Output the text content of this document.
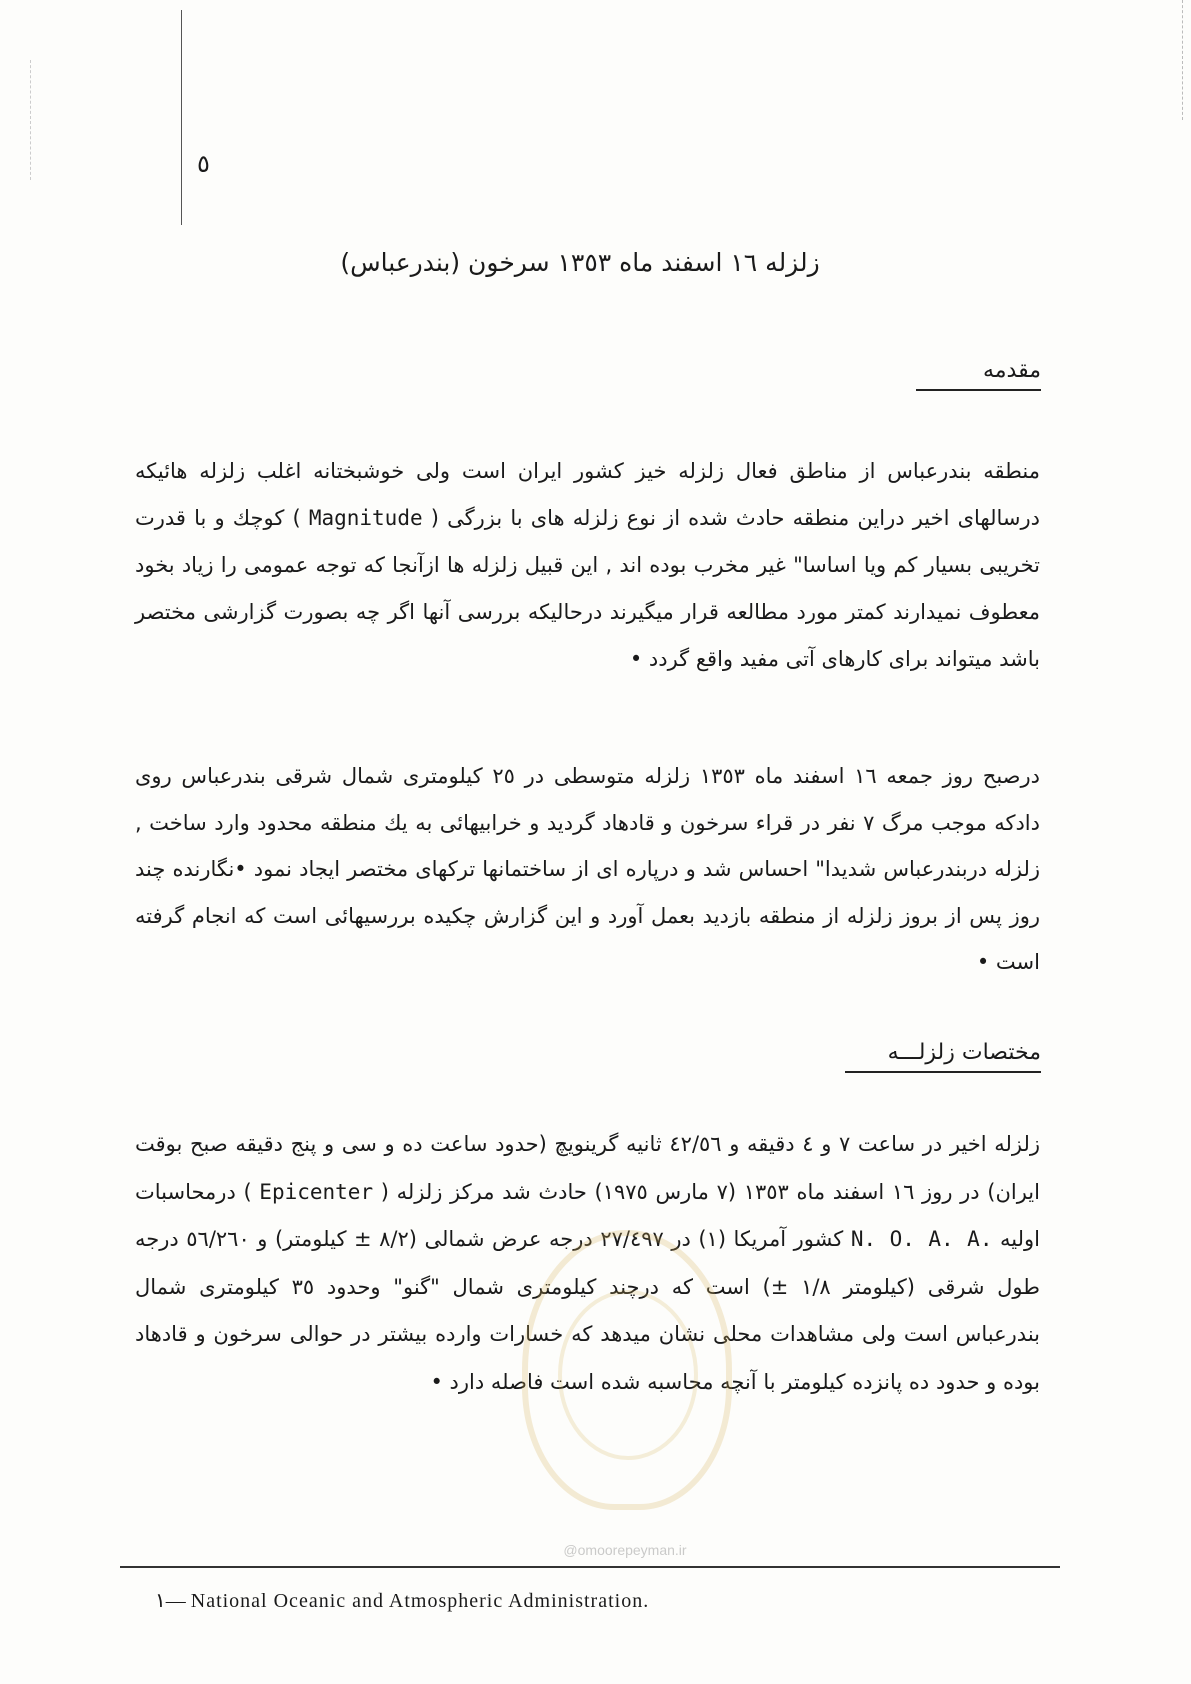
٥
زلزله ١٦ اسفند ماه ١٣٥٣ سرخون (بندرعباس)
مقدمه

منطقه بندرعباس از مناطق فعال زلزله خیز کشور ایران است ولی خوشبختانه اغلب زلزله هائیکه درسالهای اخیر دراین منطقه حادث شده از نوع زلزله های با بزرگی ( Magnitude ) کوچك و با قدرت تخریبی بسیار کم ویا اساسا" غیر مخرب بوده اند , این قبیل زلزله ها ازآنجا که توجه عمومی را زیاد بخود معطوف نمیدارند کمتر مورد مطالعه قرار میگیرند درحالیکه بررسی آنها اگر چه بصورت گزارشی مختصر باشد میتواند برای کارهای آتی مفید واقع گردد •

درصبح روز جمعه ١٦ اسفند ماه ١٣٥٣ زلزله متوسطی در ٢٥ کیلومتری شمال شرقی بندرعباس روی دادکه موجب مرگ ٧ نفر در قراء سرخون و قادهاد گردید و خرابیهائی به یك منطقه محدود وارد ساخت , زلزله دربندرعباس شدیدا" احساس شد و درپاره ای از ساختمانها ترکهای مختصر ایجاد نمود •نگارنده چند روز پس از بروز زلزله از منطقه بازدید بعمل آورد و این گزارش چکیده بررسیهائی است که انجام گرفته است •

مختصات زلزلـــه

زلزله اخیر در ساعت ٧ و ٤ دقیقه و ٤٢/٥٦ ثانیه گرینویچ (حدود ساعت ده و سی و پنج دقیقه صبح بوقت ایران) در روز ١٦ اسفند ماه ١٣٥٣ (٧ مارس ١٩٧٥) حادث شد مرکز زلزله ( Epicenter ) درمحاسبات اولیه N. O. A. A. کشور آمریکا (١) در ٢٧/٤٩٧ درجه عرض شمالی (٨/٢ ± کیلومتر) و ٥٦/٢٦٠ درجه طول شرقی (کیلومتر ١/٨ ±) است که درچند کیلومتری شمال "گنو" وحدود ٣٥ کیلومتری شمال بندرعباس است ولی مشاهدات محلی نشان میدهد که خسارات وارده بیشتر در حوالی سرخون و قادهاد بوده و حدود ده پانزده کیلومتر با آنچه محاسبه شده است فاصله دارد •

@omoorepeyman.ir
١— National Oceanic and Atmospheric Administration.
